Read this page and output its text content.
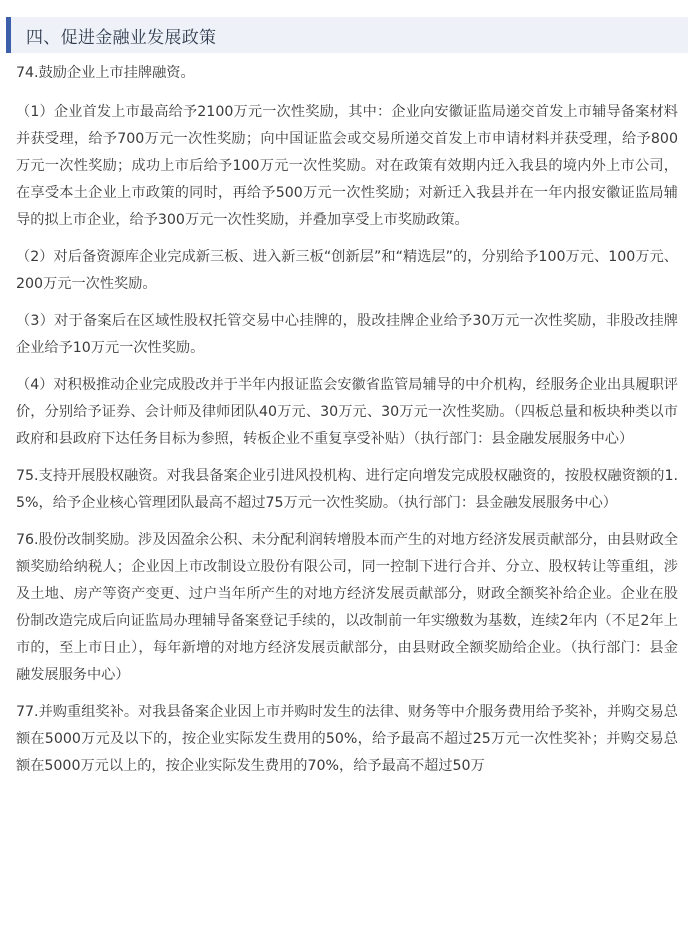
四、促进金融业发展政策

74.鼓励企业上市挂牌融资。

（1）企业首发上市最高给予2100万元一次性奖励，其中：企业向安徽证监局递交首发上市辅导备案材料并获受理，给予700万元一次性奖励；向中国证监会或交易所递交首发上市申请材料并获受理，给予800万元一次性奖励；成功上市后给予100万元一次性奖励。对在政策有效期内迁入我县的境内外上市公司，在享受本土企业上市政策的同时，再给予500万元一次性奖励；对新迁入我县并在一年内报安徽证监局辅导的拟上市企业，给予300万元一次性奖励，并叠加享受上市奖励政策。

（2）对后备资源库企业完成新三板、进入新三板“创新层”和“精选层”的，分别给予100万元、100万元、200万元一次性奖励。

（3）对于备案后在区域性股权托管交易中心挂牌的，股改挂牌企业给予30万元一次性奖励，非股改挂牌企业给予10万元一次性奖励。

（4）对积极推动企业完成股改并于半年内报证监会安徽省监管局辅导的中介机构，经服务企业出具履职评价，分别给予证券、会计师及律师团队40万元、30万元、30万元一次性奖励。（四板总量和板块种类以市政府和县政府下达任务目标为参照，转板企业不重复享受补贴）（执行部门：县金融发展服务中心）

75.支持开展股权融资。对我县备案企业引进风投机构、进行定向增发完成股权融资的，按股权融资额的1.5%，给予企业核心管理团队最高不超过75万元一次性奖励。（执行部门：县金融发展服务中心）

76.股份改制奖励。涉及因盈余公积、未分配利润转增股本而产生的对地方经济发展贡献部分，由县财政全额奖励给纳税人；企业因上市改制设立股份有限公司，同一控制下进行合并、分立、股权转让等重组，涉及土地、房产等资产变更、过户当年所产生的对地方经济发展贡献部分，财政全额奖补给企业。企业在股份制改造完成后向证监局办理辅导备案登记手续的，以改制前一年实缴数为基数，连续2年内（不足2年上市的，至上市日止），每年新增的对地方经济发展贡献部分，由县财政全额奖励给企业。（执行部门：县金融发展服务中心）

77.并购重组奖补。对我县备案企业因上市并购时发生的法律、财务等中介服务费用给予奖补，并购交易总额在5000万元及以下的，按企业实际发生费用的50%，给予最高不超过25万元一次性奖补；并购交易总额在5000万元以上的，按企业实际发生费用的70%，给予最高不超过50万
